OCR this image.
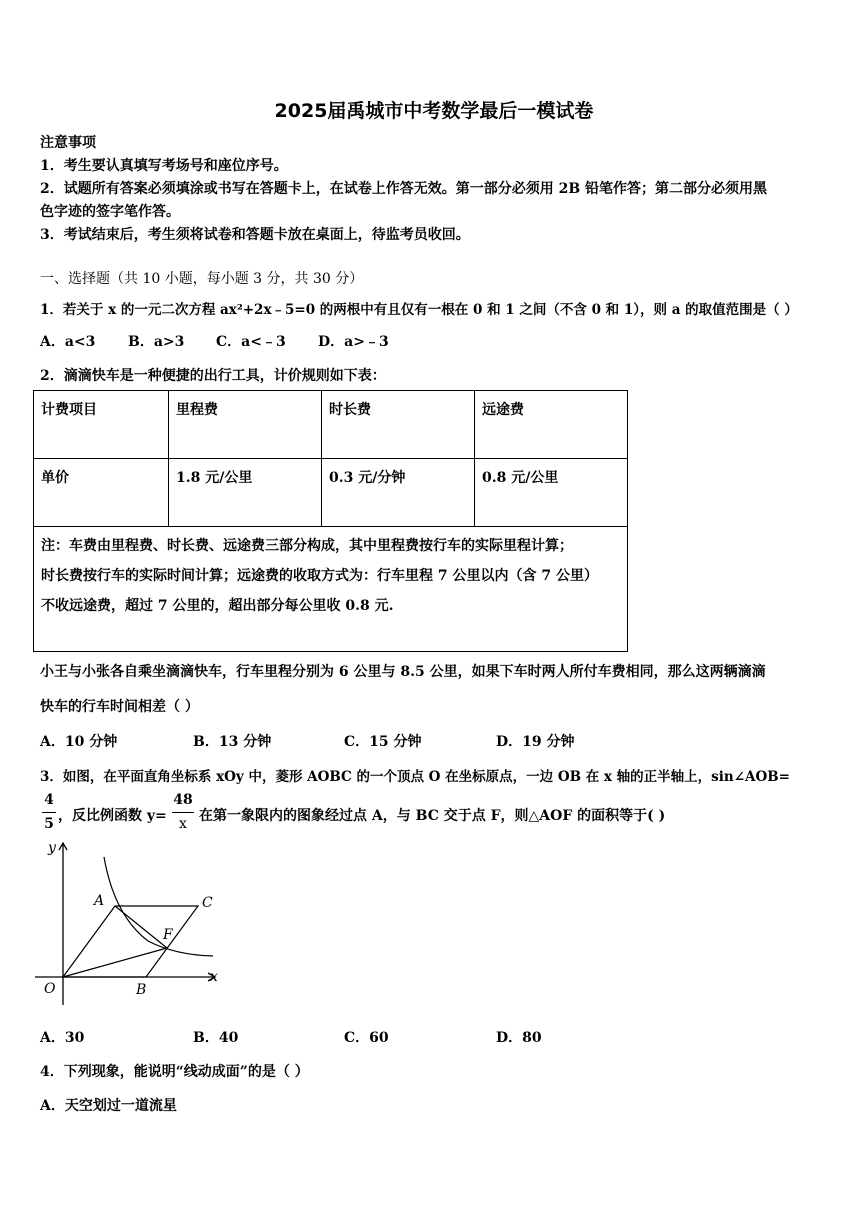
2025届禹城市中考数学最后一模试卷
注意事项
1．考生要认真填写考场号和座位序号。
2．试题所有答案必须填涂或书写在答题卡上，在试卷上作答无效。第一部分必须用 2B 铅笔作答；第二部分必须用黑
色字迹的签字笔作答。
3．考试结束后，考生须将试卷和答题卡放在桌面上，待监考员收回。
一、选择题（共 10 小题，每小题 3 分，共 30 分）
1．若关于 x 的一元二次方程 ax²+2x﹣5=0 的两根中有且仅有一根在 0 和 1 之间（不含 0 和 1），则 a 的取值范围是（ ）
A．a<3 B．a>3 C．a<﹣3 D．a>﹣3
2．滴滴快车是一种便捷的出行工具，计价规则如下表：
计费项目	里程费	时长费	远途费
单价	1.8 元/公里	0.3 元/分钟	0.8 元/公里

注：车费由里程费、时长费、远途费三部分构成，其中里程费按行车的实际里程计算；
时长费按行车的实际时间计算；远途费的收取方式为：行车里程 7 公里以内（含 7 公里）
不收远途费，超过 7 公里的，超出部分每公里收 0.8 元.			
小王与小张各自乘坐滴滴快车，行车里程分别为 6 公里与 8.5 公里，如果下车时两人所付车费相同，那么这两辆滴滴
快车的行车时间相差（ ）
A．10 分钟	B．13 分钟	C．15 分钟	D．19 分钟
3．如图，在平面直角坐标系 xOy 中，菱形 AOBC 的一个顶点 O 在坐标原点，一边 OB 在 x 轴的正半轴上，sin∠AOB=
4
5 ，反比例函数 y=
48
x 在第一象限内的图象经过点 A，与 BC 交于点 F，则△AOF 的面积等于( )
y
x
O
A
B
C
F
A．30	B．40	C．60	D．80
4．下列现象，能说明“线动成面”的是（ ）
A．天空划过一道流星
